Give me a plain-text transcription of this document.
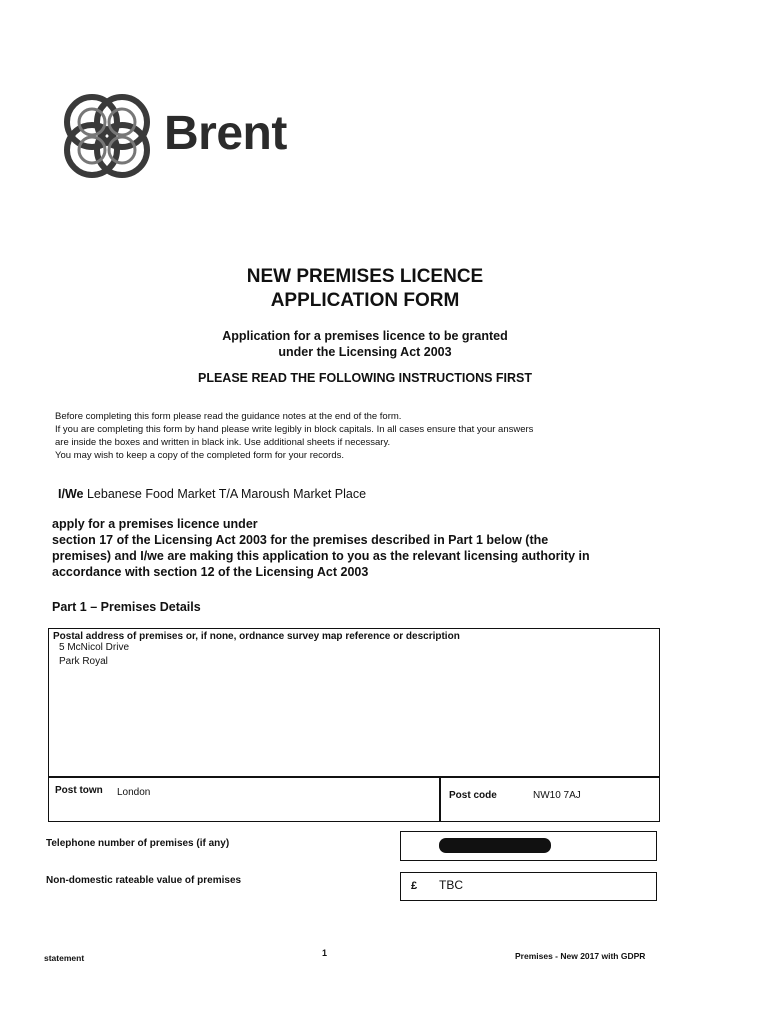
Brent
NEW PREMISES LICENCE
APPLICATION FORM
Application for a premises licence to be granted
under the Licensing Act 2003
PLEASE READ THE FOLLOWING INSTRUCTIONS FIRST
Before completing this form please read the guidance notes at the end of the form.
If you are completing this form by hand please write legibly in block capitals. In all cases ensure that your answers
are inside the boxes and written in black ink. Use additional sheets if necessary.
You may wish to keep a copy of the completed form for your records.
I/We Lebanese Food Market T/A Maroush Market Place
apply for a premises licence under
section 17 of the Licensing Act 2003 for the premises described in Part 1 below (the
premises) and I/we are making this application to you as the relevant licensing authority in
accordance with section 12 of the Licensing Act 2003
Part 1 – Premises Details
Postal address of premises or, if none, ordnance survey map reference or description
5 McNicol Drive
Park Royal
Post town London	Post code	NW10 7AJ
Telephone number of premises (if any)
Non-domestic rateable value of premises	£ TBC
statement	1	Premises - New 2017 with GDPR
